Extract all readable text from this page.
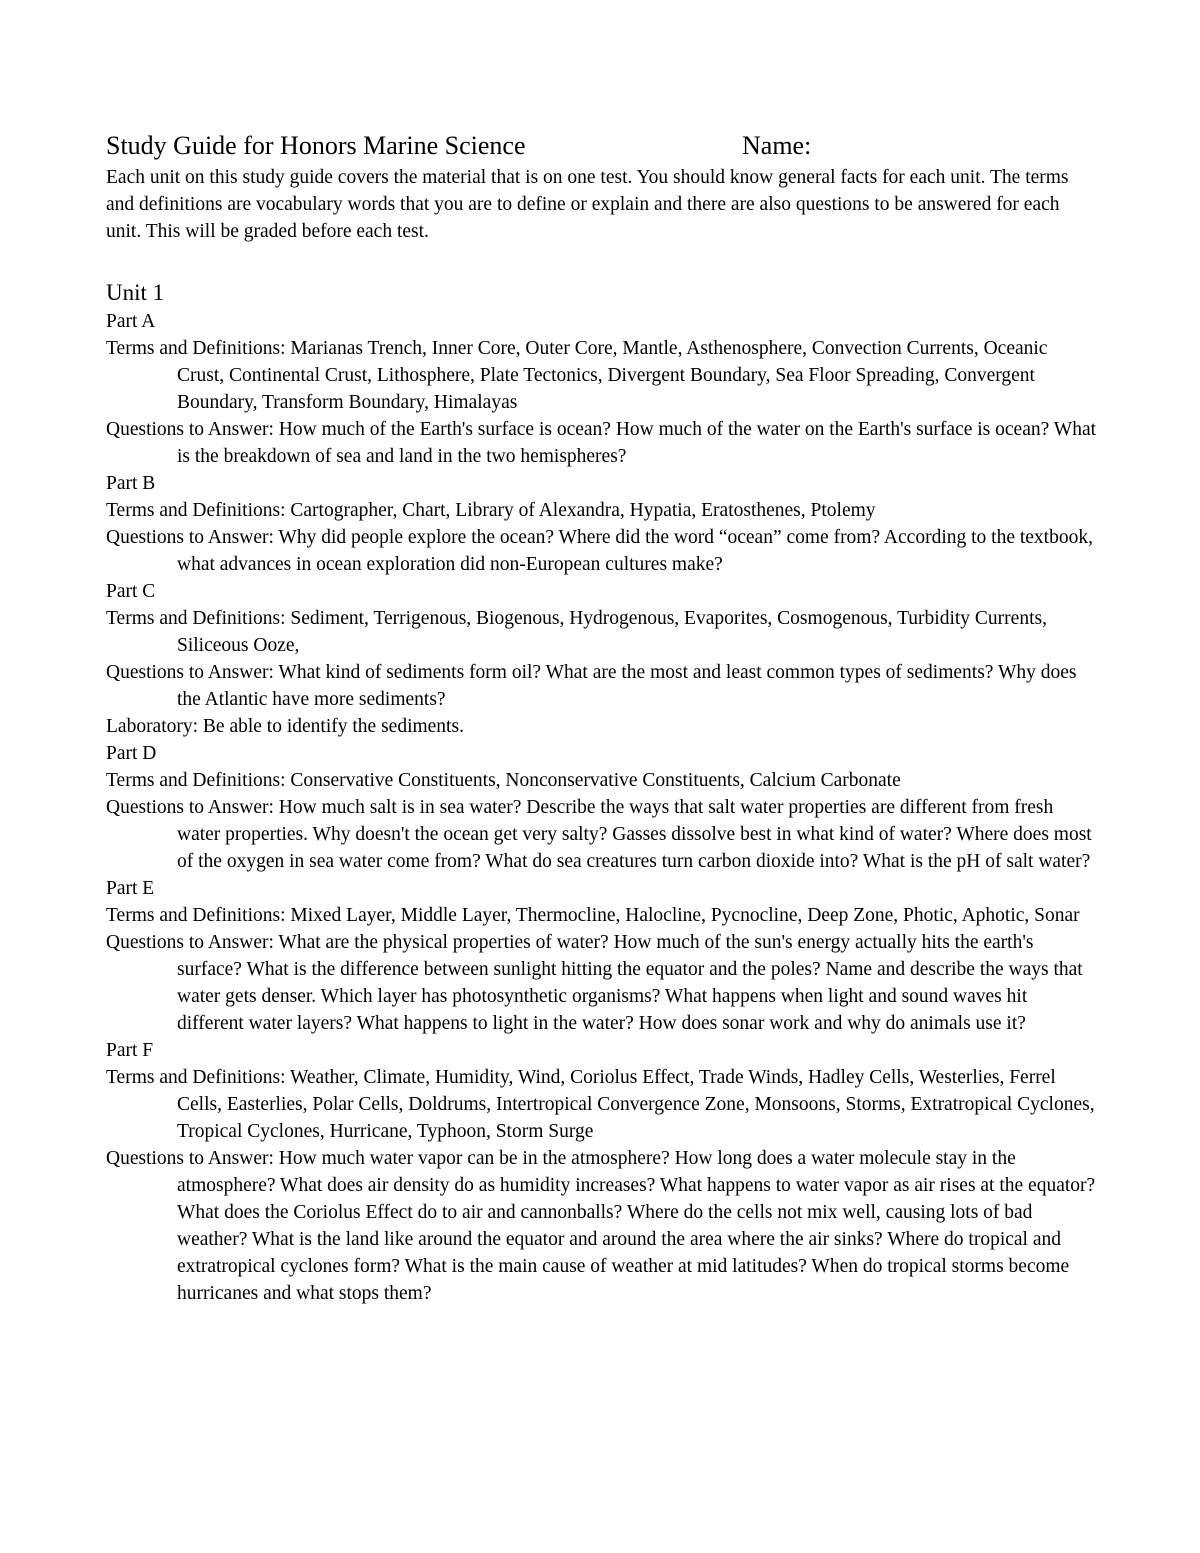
Study Guide for Honors Marine Science	Name:

Each unit on this study guide covers the material that is on one test. You should know general facts for each unit. The terms and definitions are vocabulary words that you are to define or explain and there are also questions to be answered for each unit. This will be graded before each test.

Unit 1
Part A

Terms and Definitions: Marianas Trench, Inner Core, Outer Core, Mantle, Asthenosphere, Convection Currents, Oceanic Crust, Continental Crust, Lithosphere, Plate Tectonics, Divergent Boundary, Sea Floor Spreading, Convergent Boundary, Transform Boundary, Himalayas

Questions to Answer: How much of the Earth's surface is ocean? How much of the water on the Earth's surface is ocean? What is the breakdown of sea and land in the two hemispheres?

Part B

Terms and Definitions: Cartographer, Chart, Library of Alexandra, Hypatia, Eratosthenes, Ptolemy

Questions to Answer: Why did people explore the ocean? Where did the word “ocean” come from? According to the textbook, what advances in ocean exploration did non-European cultures make?

Part C

Terms and Definitions: Sediment, Terrigenous, Biogenous, Hydrogenous, Evaporites, Cosmogenous, Turbidity Currents, Siliceous Ooze,

Questions to Answer: What kind of sediments form oil? What are the most and least common types of sediments? Why does the Atlantic have more sediments?

Laboratory: Be able to identify the sediments.

Part D

Terms and Definitions: Conservative Constituents, Nonconservative Constituents, Calcium Carbonate

Questions to Answer: How much salt is in sea water? Describe the ways that salt water properties are different from fresh water properties. Why doesn't the ocean get very salty? Gasses dissolve best in what kind of water? Where does most of the oxygen in sea water come from? What do sea creatures turn carbon dioxide into? What is the pH of salt water?

Part E

Terms and Definitions: Mixed Layer, Middle Layer, Thermocline, Halocline, Pycnocline, Deep Zone, Photic, Aphotic, Sonar

Questions to Answer: What are the physical properties of water? How much of the sun's energy actually hits the earth's surface? What is the difference between sunlight hitting the equator and the poles? Name and describe the ways that water gets denser. Which layer has photosynthetic organisms? What happens when light and sound waves hit different water layers? What happens to light in the water? How does sonar work and why do animals use it?

Part F

Terms and Definitions: Weather, Climate, Humidity, Wind, Coriolus Effect, Trade Winds, Hadley Cells, Westerlies, Ferrel Cells, Easterlies, Polar Cells, Doldrums, Intertropical Convergence Zone, Monsoons, Storms, Extratropical Cyclones, Tropical Cyclones, Hurricane, Typhoon, Storm Surge

Questions to Answer: How much water vapor can be in the atmosphere? How long does a water molecule stay in the atmosphere? What does air density do as humidity increases? What happens to water vapor as air rises at the equator? What does the Coriolus Effect do to air and cannonballs? Where do the cells not mix well, causing lots of bad weather? What is the land like around the equator and around the area where the air sinks? Where do tropical and extratropical cyclones form? What is the main cause of weather at mid latitudes? When do tropical storms become hurricanes and what stops them?
